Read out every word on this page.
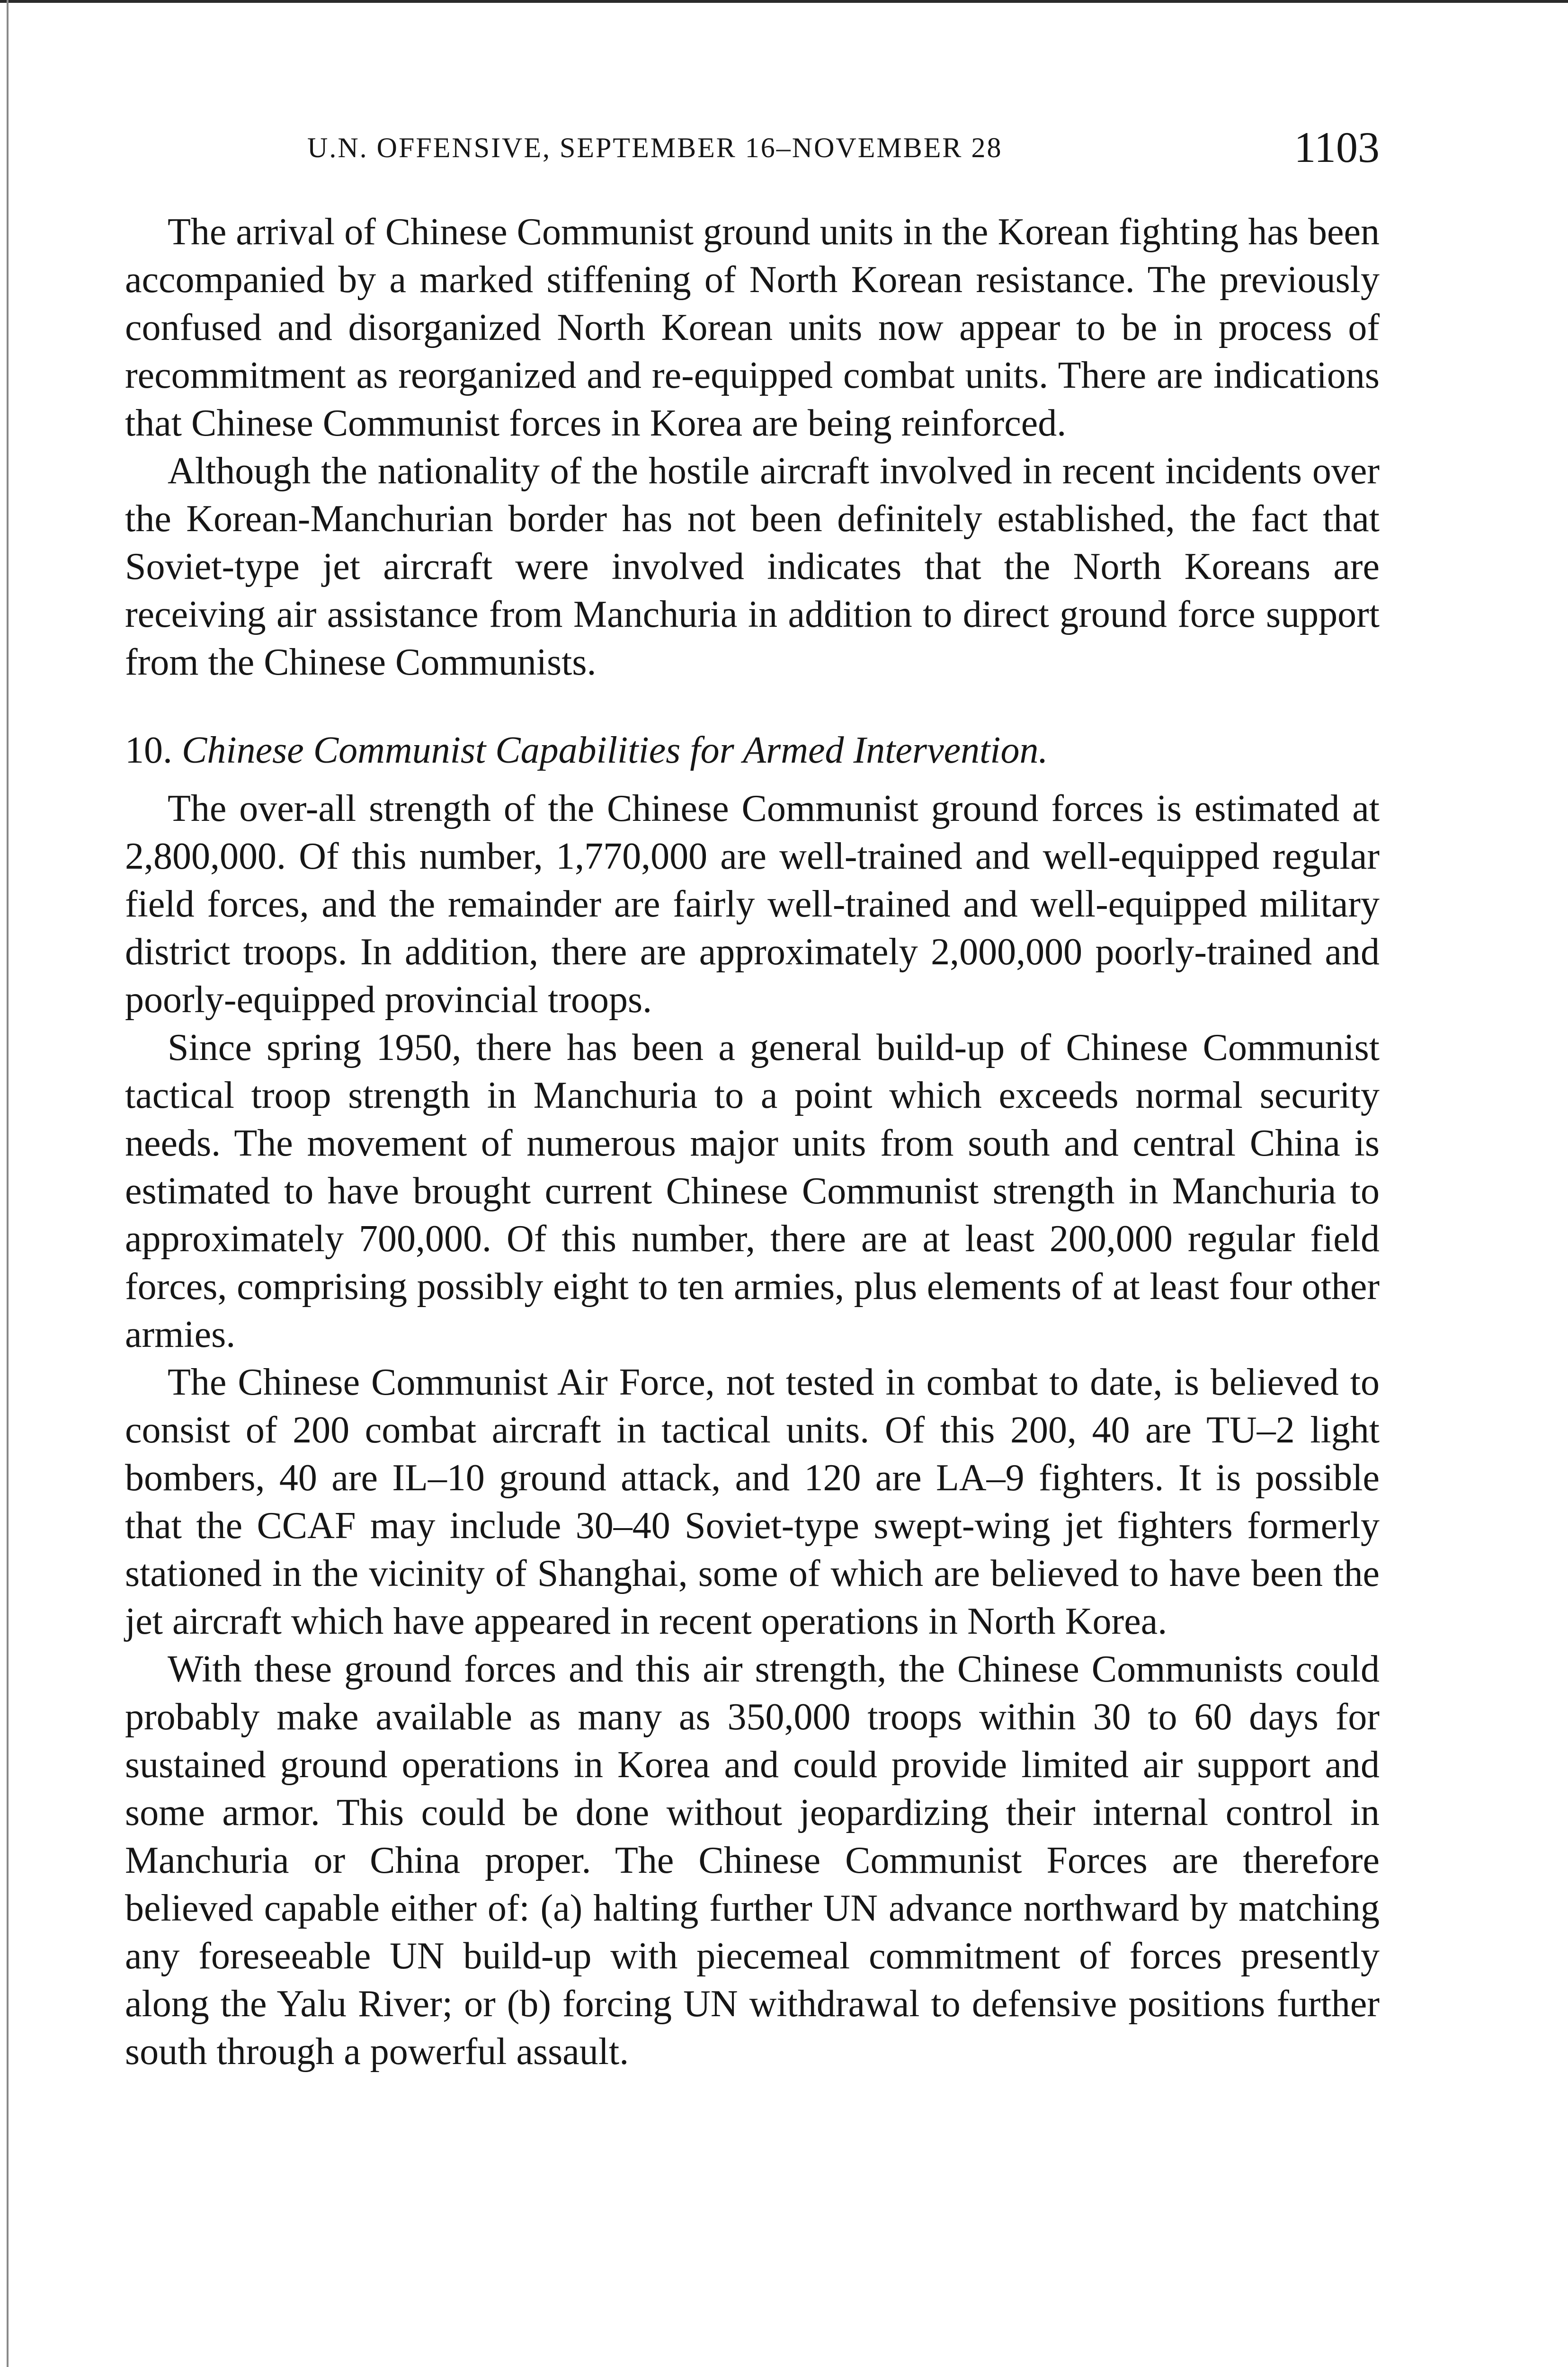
U.N. OFFENSIVE, SEPTEMBER 16–NOVEMBER 28	1103

The arrival of Chinese Communist ground units in the Korean fighting has been accompanied by a marked stiffening of North Korean resistance. The previously confused and disorganized North Korean units now appear to be in process of recommitment as reorganized and re-equipped combat units. There are indications that Chinese Communist forces in Korea are being reinforced.

Although the nationality of the hostile aircraft involved in recent incidents over the Korean-Manchurian border has not been definitely established, the fact that Soviet-type jet aircraft were involved indicates that the North Koreans are receiving air assistance from Manchuria in addition to direct ground force support from the Chinese Communists.

10. Chinese Communist Capabilities for Armed Intervention.

The over-all strength of the Chinese Communist ground forces is estimated at 2,800,000. Of this number, 1,770,000 are well-trained and well-equipped regular field forces, and the remainder are fairly well-trained and well-equipped military district troops. In addition, there are approximately 2,000,000 poorly-trained and poorly-equipped provincial troops.

Since spring 1950, there has been a general build-up of Chinese Communist tactical troop strength in Manchuria to a point which exceeds normal security needs. The movement of numerous major units from south and central China is estimated to have brought current Chinese Communist strength in Manchuria to approximately 700,000. Of this number, there are at least 200,000 regular field forces, comprising possibly eight to ten armies, plus elements of at least four other armies.

The Chinese Communist Air Force, not tested in combat to date, is believed to consist of 200 combat aircraft in tactical units. Of this 200, 40 are TU–2 light bombers, 40 are IL–10 ground attack, and 120 are LA–9 fighters. It is possible that the CCAF may include 30–40 Soviet-type swept-wing jet fighters formerly stationed in the vicinity of Shanghai, some of which are believed to have been the jet aircraft which have appeared in recent operations in North Korea.

With these ground forces and this air strength, the Chinese Communists could probably make available as many as 350,000 troops within 30 to 60 days for sustained ground operations in Korea and could provide limited air support and some armor. This could be done without jeopardizing their internal control in Manchuria or China proper. The Chinese Communist Forces are therefore believed capable either of: (a) halting further UN advance northward by matching any foreseeable UN build-up with piecemeal commitment of forces presently along the Yalu River; or (b) forcing UN withdrawal to defensive positions further south through a powerful assault.
